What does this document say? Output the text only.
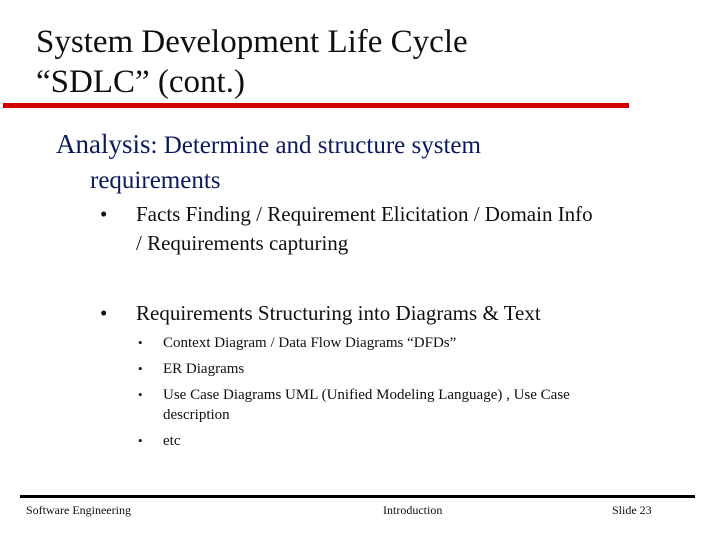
System Development Life Cycle
“SDLC” (cont.)
Analysis: Determine and structure system
requirements
• Facts Finding / Requirement Elicitation / Domain Info
/ Requirements capturing
• Requirements Structuring into Diagrams & Text
• Context Diagram / Data Flow Diagrams “DFDs”
• ER Diagrams
• Use Case Diagrams UML (Unified Modeling Language) , Use Case
description
• etc
Software Engineering	Introduction	Slide 23
